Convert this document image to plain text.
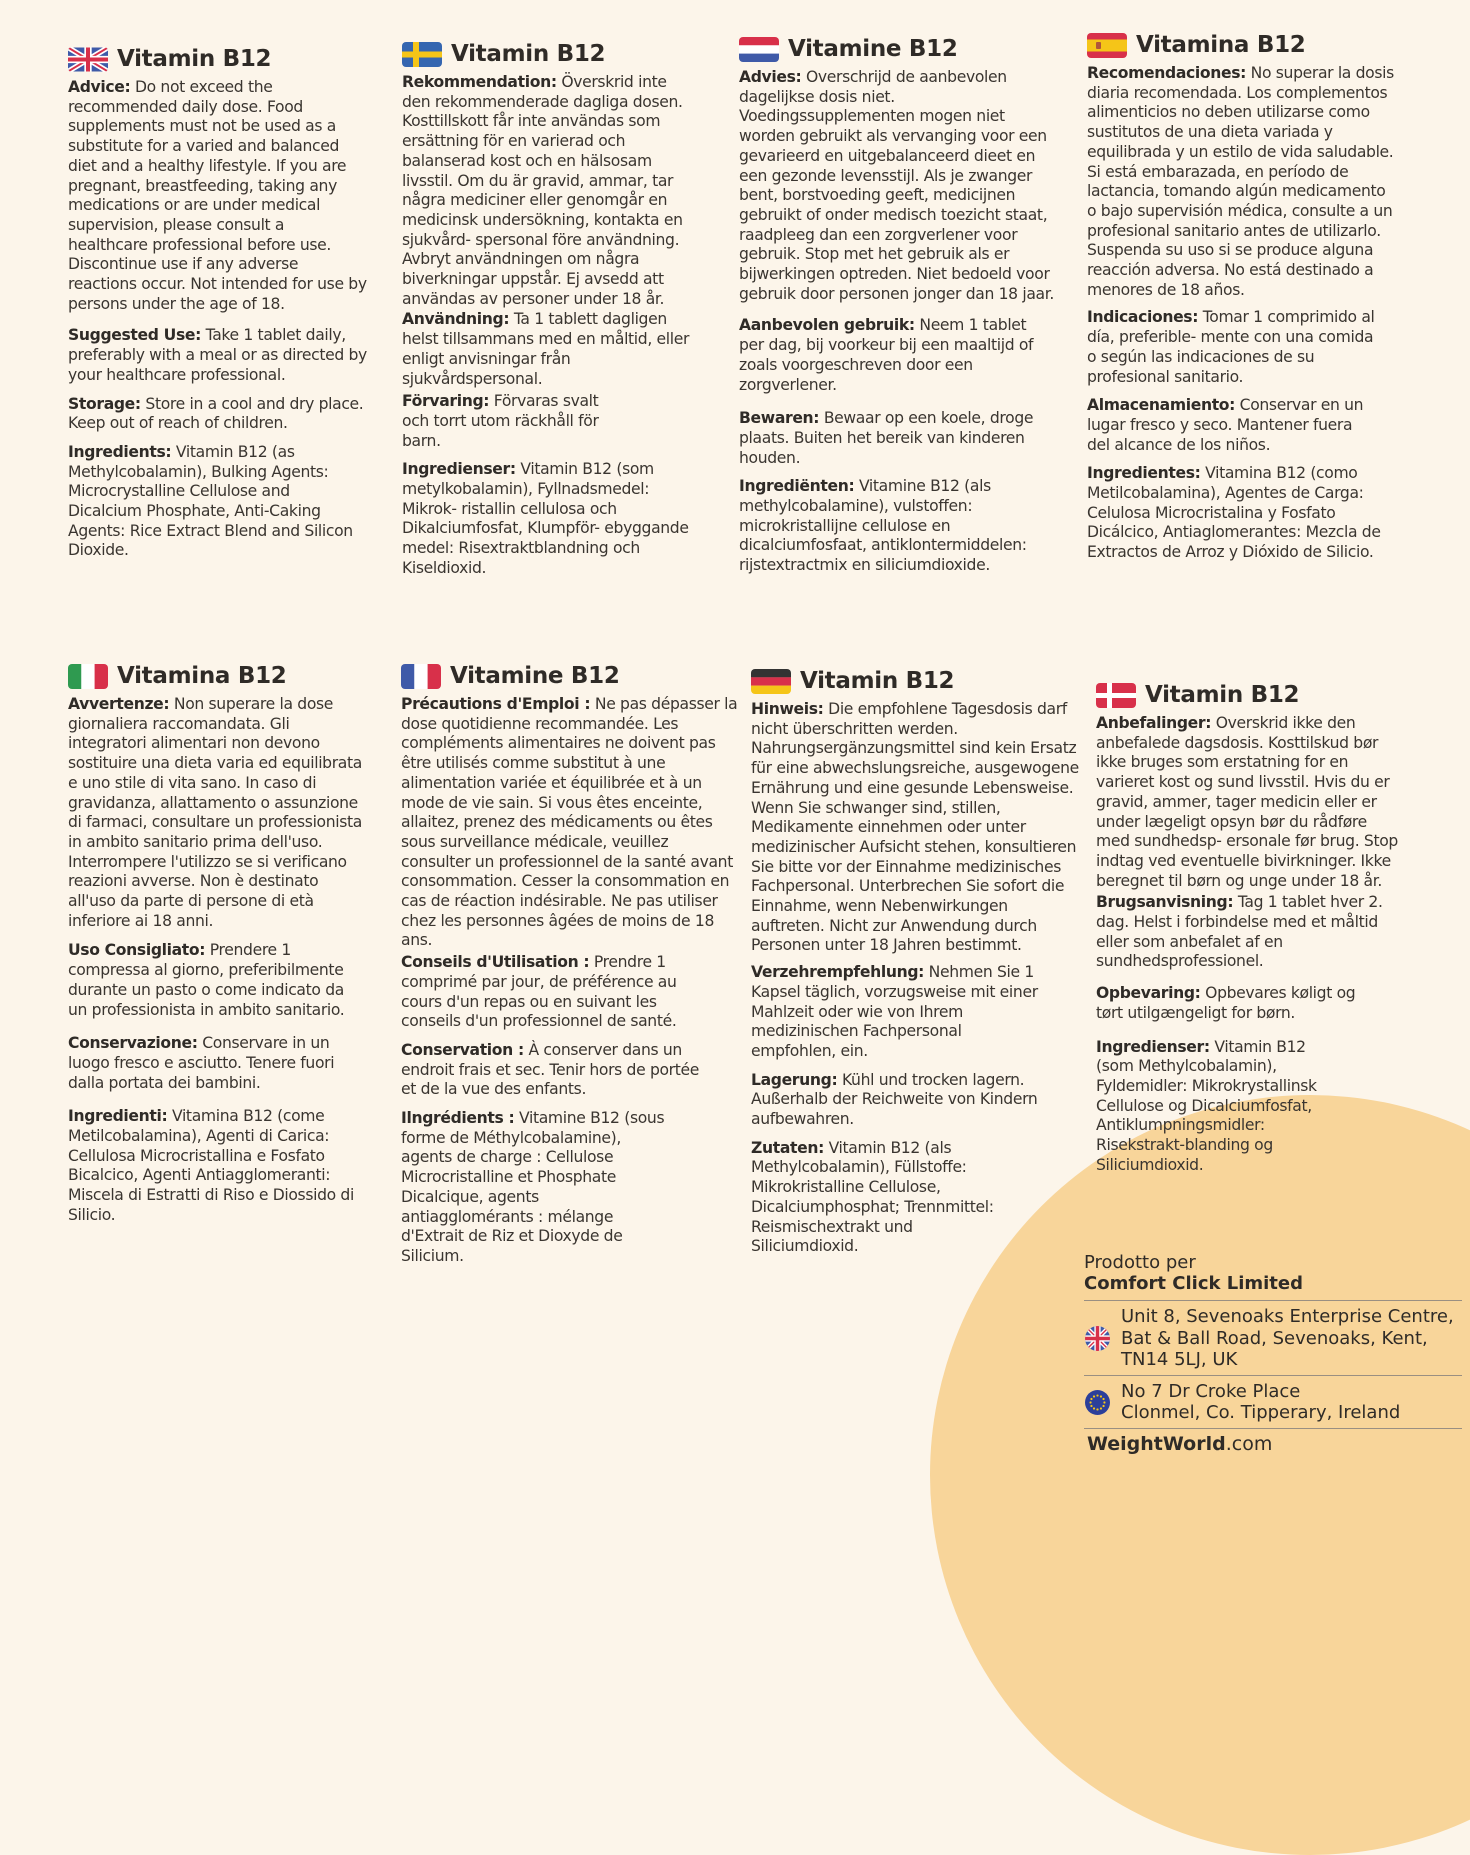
Vitamin B12

Advice: Do not exceed the recommended daily dose. Food supplements must not be used as a substitute for a varied and balanced diet and a healthy lifestyle. If you are pregnant, breastfeeding, taking any medications or are under medical supervision, please consult a healthcare professional before use. Discontinue use if any adverse reactions occur. Not intended for use by persons under the age of 18.

Suggested Use: Take 1 tablet daily, preferably with a meal or as directed by your healthcare professional.

Storage: Store in a cool and dry place. Keep out of reach of children.

Ingredients: Vitamin B12 (as Methylcobalamin), Bulking Agents: Microcrystalline Cellulose and Dicalcium Phosphate, Anti-Caking Agents: Rice Extract Blend and Silicon Dioxide.

Vitamin B12

Rekommendation: Överskrid inte den rekommenderade dagliga dosen. Kosttillskott får inte användas som ersättning för en varierad och balanserad kost och en hälsosam livsstil. Om du är gravid, ammar, tar några mediciner eller genomgår en medicinsk undersökning, kontakta en sjukvård- spersonal före användning. Avbryt användningen om några biverkningar uppstår. Ej avsedd att användas av personer under 18 år.

Användning: Ta 1 tablett dagligen helst tillsammans med en måltid, eller enligt anvisningar från sjukvårdspersonal.

Förvaring: Förvaras svalt och torrt utom räckhåll för barn.

Ingredienser: Vitamin B12 (som metylkobalamin), Fyllnadsmedel: Mikrok- ristallin cellulosa och Dikalciumfosfat, Klumpför- ebyggande medel: Risextraktblandning och Kiseldioxid.

Vitamine B12

Advies: Overschrijd de aanbevolen dagelijkse dosis niet. Voedingssupplementen mogen niet worden gebruikt als vervanging voor een gevarieerd en uitgebalanceerd dieet en een gezonde levensstijl. Als je zwanger bent, borstvoeding geeft, medicijnen gebruikt of onder medisch toezicht staat, raadpleeg dan een zorgverlener voor gebruik. Stop met het gebruik als er bijwerkingen optreden. Niet bedoeld voor gebruik door personen jonger dan 18 jaar.

Aanbevolen gebruik: Neem 1 tablet per dag, bij voorkeur bij een maaltijd of zoals voorgeschreven door een zorgverlener.

Bewaren: Bewaar op een koele, droge plaats. Buiten het bereik van kinderen houden.

Ingrediënten: Vitamine B12 (als methylcobalamine), vulstoffen: microkristallijne cellulose en dicalciumfosfaat, antiklontermiddelen: rijstextractmix en siliciumdioxide.

Vitamina B12

Recomendaciones: No superar la dosis diaria recomendada. Los complementos alimenticios no deben utilizarse como sustitutos de una dieta variada y equilibrada y un estilo de vida saludable. Si está embarazada, en período de lactancia, tomando algún medicamento o bajo supervisión médica, consulte a un profesional sanitario antes de utilizarlo. Suspenda su uso si se produce alguna reacción adversa. No está destinado a menores de 18 años.

Indicaciones: Tomar 1 comprimido al día, preferible- mente con una comida o según las indicaciones de su profesional sanitario.

Almacenamiento: Conservar en un lugar fresco y seco. Mantener fuera del alcance de los niños.

Ingredientes: Vitamina B12 (como Metilcobalamina), Agentes de Carga: Celulosa Microcristalina y Fosfato Dicálcico, Antiaglomerantes: Mezcla de Extractos de Arroz y Dióxido de Silicio.

Vitamina B12

Avvertenze: Non superare la dose giornaliera raccomandata. Gli integratori alimentari non devono sostituire una dieta varia ed equilibrata e uno stile di vita sano. In caso di gravidanza, allattamento o assunzione di farmaci, consultare un professionista in ambito sanitario prima dell'uso. Interrompere l'utilizzo se si verificano reazioni avverse. Non è destinato all'uso da parte di persone di età inferiore ai 18 anni.

Uso Consigliato: Prendere 1 compressa al giorno, preferibilmente durante un pasto o come indicato da un professionista in ambito sanitario.

Conservazione: Conservare in un luogo fresco e asciutto. Tenere fuori dalla portata dei bambini.

Ingredienti: Vitamina B12 (come Metilcobalamina), Agenti di Carica: Cellulosa Microcristallina e Fosfato Bicalcico, Agenti Antiagglomeranti: Miscela di Estratti di Riso e Diossido di Silicio.

Vitamine B12

Précautions d'Emploi : Ne pas dépasser la dose quotidienne recommandée. Les compléments alimentaires ne doivent pas être utilisés comme substitut à une alimentation variée et équilibrée et à un mode de vie sain. Si vous êtes enceinte, allaitez, prenez des médicaments ou êtes sous surveillance médicale, veuillez consulter un professionnel de la santé avant consommation. Cesser la consommation en cas de réaction indésirable. Ne pas utiliser chez les personnes âgées de moins de 18 ans.

Conseils d'Utilisation : Prendre 1 comprimé par jour, de préférence au cours d'un repas ou en suivant les conseils d'un professionnel de santé.

Conservation : À conserver dans un endroit frais et sec. Tenir hors de portée et de la vue des enfants.

Ilngrédients : Vitamine B12 (sous forme de Méthylcobalamine), agents de charge : Cellulose Microcristalline et Phosphate Dicalcique, agents antiagglomérants : mélange d'Extrait de Riz et Dioxyde de Silicium.

Vitamin B12

Hinweis: Die empfohlene Tagesdosis darf nicht überschritten werden. Nahrungsergänzungsmittel sind kein Ersatz für eine abwechslungsreiche, ausgewogene Ernährung und eine gesunde Lebensweise. Wenn Sie schwanger sind, stillen, Medikamente einnehmen oder unter medizinischer Aufsicht stehen, konsultieren Sie bitte vor der Einnahme medizinisches Fachpersonal. Unterbrechen Sie sofort die Einnahme, wenn Nebenwirkungen auftreten. Nicht zur Anwendung durch Personen unter 18 Jahren bestimmt.

Verzehrempfehlung: Nehmen Sie 1 Kapsel täglich, vorzugsweise mit einer Mahlzeit oder wie von Ihrem medizinischen Fachpersonal empfohlen, ein.

Lagerung: Kühl und trocken lagern. Außerhalb der Reichweite von Kindern aufbewahren.

Zutaten: Vitamin B12 (als Methylcobalamin), Füllstoffe: Mikrokristalline Cellulose, Dicalciumphosphat; Trennmittel: Reismischextrakt und Siliciumdioxid.

Vitamin B12

Anbefalinger: Overskrid ikke den anbefalede dagsdosis. Kosttilskud bør ikke bruges som erstatning for en varieret kost og sund livsstil. Hvis du er gravid, ammer, tager medicin eller er under lægeligt opsyn bør du rådføre med sundhedsp- ersonale før brug. Stop indtag ved eventuelle bivirkninger. Ikke beregnet til børn og unge under 18 år.

Brugsanvisning: Tag 1 tablet hver 2. dag. Helst i forbindelse med et måltid eller som anbefalet af en sundhedsprofessionel.

Opbevaring: Opbevares køligt og tørt utilgængeligt for børn.

Ingredienser: Vitamin B12 (som Methylcobalamin), Fyldemidler: Mikrokrystallinsk Cellulose og Dicalciumfosfat, Antiklumpningsmidler: Risekstrakt-blanding og Siliciumdioxid.

Prodotto per
Comfort Click Limited
Unit 8, Sevenoaks Enterprise Centre,
Bat & Ball Road, Sevenoaks, Kent,
TN14 5LJ, UK
No 7 Dr Croke Place
Clonmel, Co. Tipperary, Ireland
WeightWorld.com
